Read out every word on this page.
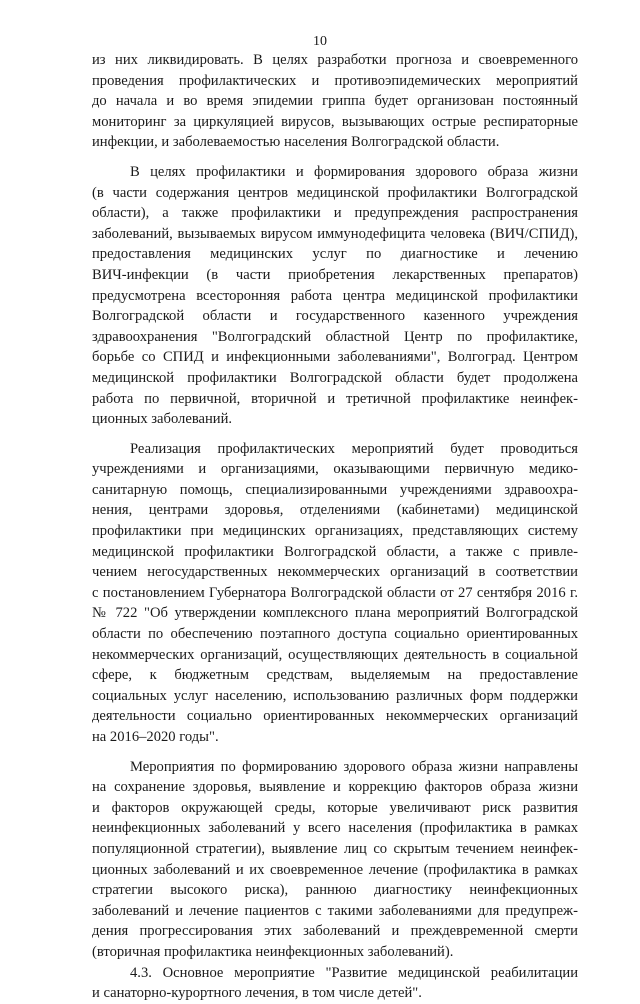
10
из них ликвидировать. В целях разработки прогноза и своевременного
проведения профилактических и противоэпидемических мероприятий
до начала и во время эпидемии гриппа будет организован постоянный
мониторинг за циркуляцией вирусов, вызывающих острые респираторные
инфекции, и заболеваемостью населения Волгоградской области.
В целях профилактики и формирования здорового образа жизни
(в части содержания центров медицинской профилактики Волгоградской
области), а также профилактики и предупреждения распространения
заболеваний, вызываемых вирусом иммунодефицита человека (ВИЧ/СПИД),
предоставления медицинских услуг по диагностике и лечению
ВИЧ-инфекции (в части приобретения лекарственных препаратов)
предусмотрена всесторонняя работа центра медицинской профилактики
Волгоградской области и государственного казенного учреждения
здравоохранения "Волгоградский областной Центр по профилактике,
борьбе со СПИД и инфекционными заболеваниями", Волгоград. Центром
медицинской профилактики Волгоградской области будет продолжена
работа по первичной, вторичной и третичной профилактике неинфек-
ционных заболеваний.
Реализация профилактических мероприятий будет проводиться
учреждениями и организациями, оказывающими первичную медико-
санитарную помощь, специализированными учреждениями здравоохра-
нения, центрами здоровья, отделениями (кабинетами) медицинской
профилактики при медицинских организациях, представляющих систему
медицинской профилактики Волгоградской области, а также с привле-
чением негосударственных некоммерческих организаций в соответствии
с постановлением Губернатора Волгоградской области от 27 сентября 2016 г.
№ 722 "Об утверждении комплексного плана мероприятий Волгоградской
области по обеспечению поэтапного доступа социально ориентированных
некоммерческих организаций, осуществляющих деятельность в социальной
сфере, к бюджетным средствам, выделяемым на предоставление
социальных услуг населению, использованию различных форм поддержки
деятельности социально ориентированных некоммерческих организаций
на 2016–2020 годы".
Мероприятия по формированию здорового образа жизни направлены
на сохранение здоровья, выявление и коррекцию факторов образа жизни
и факторов окружающей среды, которые увеличивают риск развития
неинфекционных заболеваний у всего населения (профилактика в рамках
популяционной стратегии), выявление лиц со скрытым течением неинфек-
ционных заболеваний и их своевременное лечение (профилактика в рамках
стратегии высокого риска), раннюю диагностику неинфекционных
заболеваний и лечение пациентов с такими заболеваниями для предупреж-
дения прогрессирования этих заболеваний и преждевременной смерти
(вторичная профилактика неинфекционных заболеваний).
4.3. Основное мероприятие "Развитие медицинской реабилитации
и санаторно-курортного лечения, в том числе детей".
